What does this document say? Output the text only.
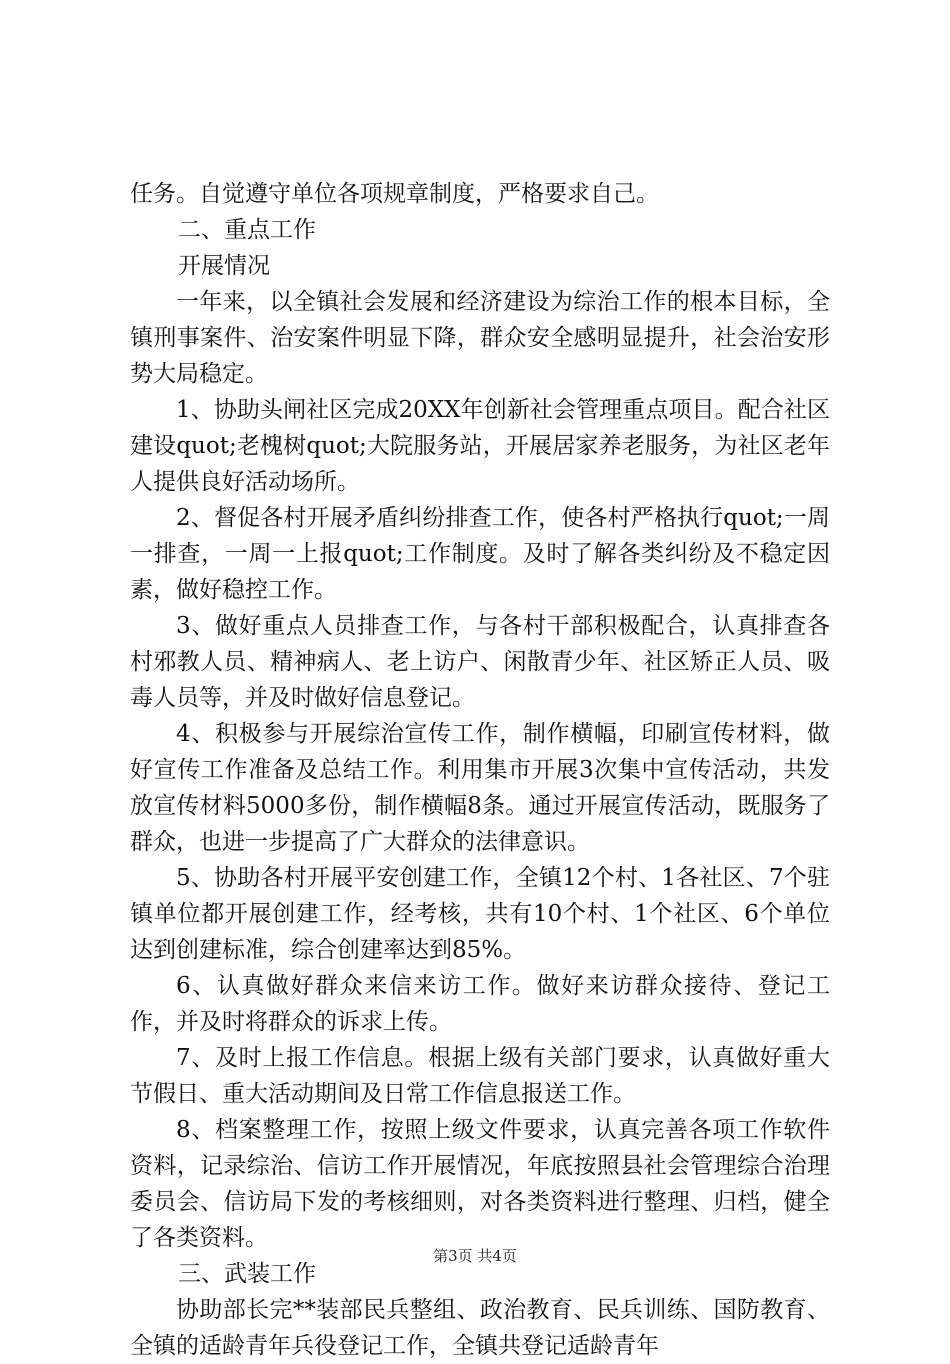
任务。自觉遵守单位各项规章制度，严格要求自己。

二、重点工作

开展情况

一年来，以全镇社会发展和经济建设为综治工作的根本目标，全镇刑事案件、治安案件明显下降，群众安全感明显提升，社会治安形势大局稳定。

1、协助头闸社区完成20XX年创新社会管理重点项目。配合社区建设quot;老槐树quot;大院服务站，开展居家养老服务，为社区老年人提供良好活动场所。

2、督促各村开展矛盾纠纷排查工作，使各村严格执行quot;一周一排查，一周一上报quot;工作制度。及时了解各类纠纷及不稳定因素，做好稳控工作。

3、做好重点人员排查工作，与各村干部积极配合，认真排查各村邪教人员、精神病人、老上访户、闲散青少年、社区矫正人员、吸毒人员等，并及时做好信息登记。

4、积极参与开展综治宣传工作，制作横幅，印刷宣传材料，做好宣传工作准备及总结工作。利用集市开展3次集中宣传活动，共发放宣传材料5000多份，制作横幅8条。通过开展宣传活动，既服务了群众，也进一步提高了广大群众的法律意识。

5、协助各村开展平安创建工作，全镇12个村、1各社区、7个驻镇单位都开展创建工作，经考核，共有10个村、1个社区、6个单位达到创建标准，综合创建率达到85%。

6、认真做好群众来信来访工作。做好来访群众接待、登记工作，并及时将群众的诉求上传。

7、及时上报工作信息。根据上级有关部门要求，认真做好重大节假日、重大活动期间及日常工作信息报送工作。

8、档案整理工作，按照上级文件要求，认真完善各项工作软件资料，记录综治、信访工作开展情况，年底按照县社会管理综合治理委员会、信访局下发的考核细则，对各类资料进行整理、归档，健全了各类资料。

三、武装工作

协助部长完**装部民兵整组、政治教育、民兵训练、国防教育、全镇的适龄青年兵役登记工作，全镇共登记适龄青年

第3页 共4页
